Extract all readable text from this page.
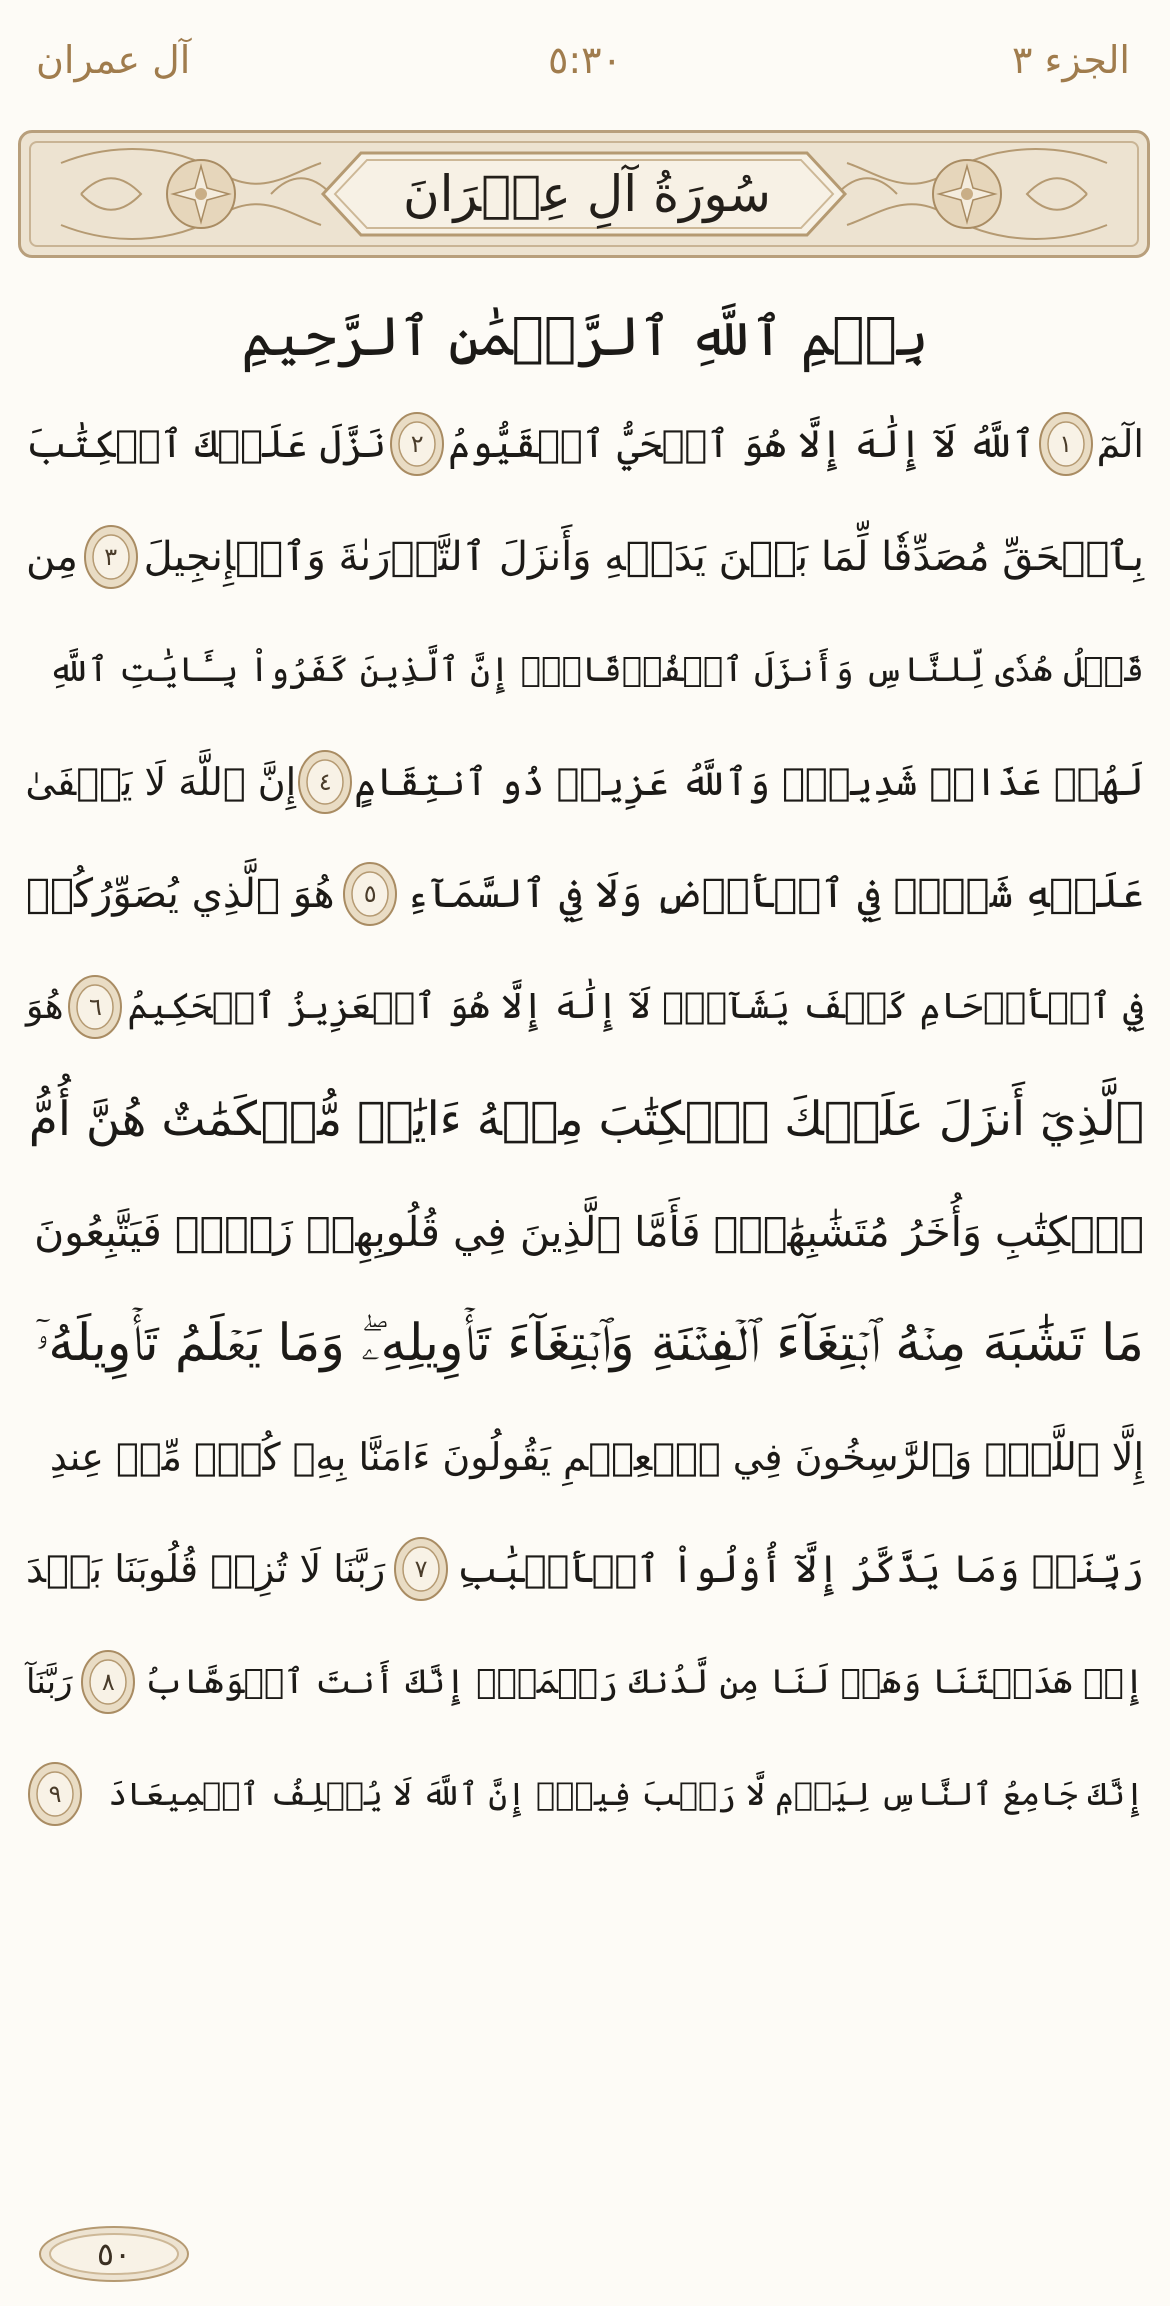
الجزء ٣
٥:٣٠
آل عمران
سُورَةُ آلِ عِمۡرَانَ
بِسۡمِ ٱللَّهِ ٱلرَّحۡمَٰنِ ٱلرَّحِيمِ
الٓمٓ
١
ٱللَّهُ لَآ إِلَٰهَ إِلَّا هُوَ ٱلۡحَيُّ ٱلۡقَيُّومُ
٢
نَزَّلَ عَلَيۡكَ ٱلۡكِتَٰبَ
بِٱلۡحَقِّ مُصَدِّقٗا لِّمَا بَيۡنَ يَدَيۡهِ وَأَنزَلَ ٱلتَّوۡرَىٰةَ وَٱلۡإِنجِيلَ
٣
مِن
قَبۡلُ هُدٗى لِّلنَّاسِ وَأَنزَلَ ٱلۡفُرۡقَانَۗ إِنَّ ٱلَّذِينَ كَفَرُواْ بِـَٔايَٰتِ ٱللَّهِ
لَهُمۡ عَذَابٞ شَدِيدٞۗ وَٱللَّهُ عَزِيزٞ ذُو ٱنتِقَامٍ
٤
إِنَّ ٱللَّهَ لَا يَخۡفَىٰ
عَلَيۡهِ شَيۡءٞ فِي ٱلۡأَرۡضِ وَلَا فِي ٱلسَّمَآءِ
٥
هُوَ ٱلَّذِي يُصَوِّرُكُمۡ
فِي ٱلۡأَرۡحَامِ كَيۡفَ يَشَآءُۚ لَآ إِلَٰهَ إِلَّا هُوَ ٱلۡعَزِيزُ ٱلۡحَكِيمُ
٦
هُوَ
ٱلَّذِيٓ أَنزَلَ عَلَيۡكَ ٱلۡكِتَٰبَ مِنۡهُ ءَايَٰتٞ مُّحۡكَمَٰتٌ هُنَّ أُمُّ
ٱلۡكِتَٰبِ وَأُخَرُ مُتَشَٰبِهَٰتٞۖ فَأَمَّا ٱلَّذِينَ فِي قُلُوبِهِمۡ زَيۡغٞ فَيَتَّبِعُونَ
مَا تَشَٰبَهَ مِنۡهُ ٱبۡتِغَآءَ ٱلۡفِتۡنَةِ وَٱبۡتِغَآءَ تَأۡوِيلِهِۦۖ وَمَا يَعۡلَمُ تَأۡوِيلَهُۥٓ
إِلَّا ٱللَّهُۗ وَٱلرَّٰسِخُونَ فِي ٱلۡعِلۡمِ يَقُولُونَ ءَامَنَّا بِهِۦ كُلّٞ مِّنۡ عِندِ
رَبِّنَاۗ وَمَا يَذَّكَّرُ إِلَّآ أُوْلُواْ ٱلۡأَلۡبَٰبِ
٧
رَبَّنَا لَا تُزِغۡ قُلُوبَنَا بَعۡدَ
إِذۡ هَدَيۡتَنَا وَهَبۡ لَنَا مِن لَّدُنكَ رَحۡمَةًۚ إِنَّكَ أَنتَ ٱلۡوَهَّابُ
٨
رَبَّنَآ
إِنَّكَ جَامِعُ ٱلنَّاسِ لِيَوۡمٖ لَّا رَيۡبَ فِيهِۚ إِنَّ ٱللَّهَ لَا يُخۡلِفُ ٱلۡمِيعَادَ
٩
٥٠
